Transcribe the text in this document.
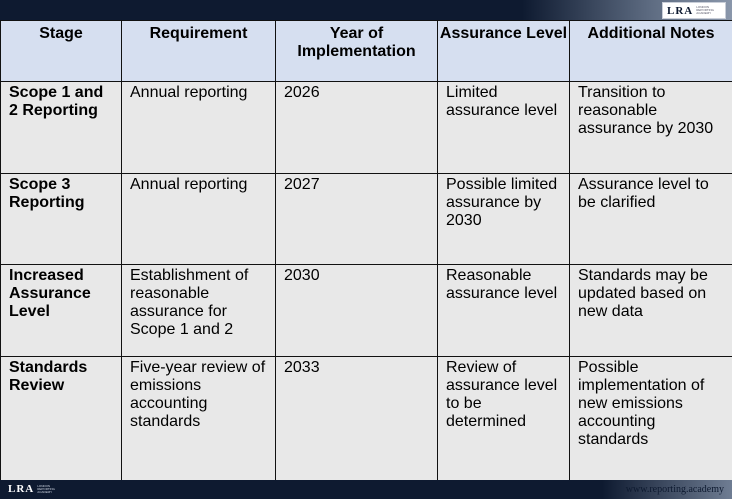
LRA LONDON REPORTING ACADEMY
Stage	Requirement	Year of Implementation	Assurance Level	Additional Notes
Scope 1 and 2 Reporting	Annual reporting	2026	Limited assurance level	Transition to reasonable assurance by 2030
Scope 3 Reporting	Annual reporting	2027	Possible limited assurance by 2030	Assurance level to be clarified
Increased Assurance Level	Establishment of reasonable assurance for Scope 1 and 2	2030	Reasonable assurance level	Standards may be updated based on new data
Standards Review	Five-year review of emissions accounting standards	2033	Review of assurance level to be determined	Possible implementation of new emissions accounting standards
LRA LONDON REPORTING ACADEMY	www.reporting.academy
